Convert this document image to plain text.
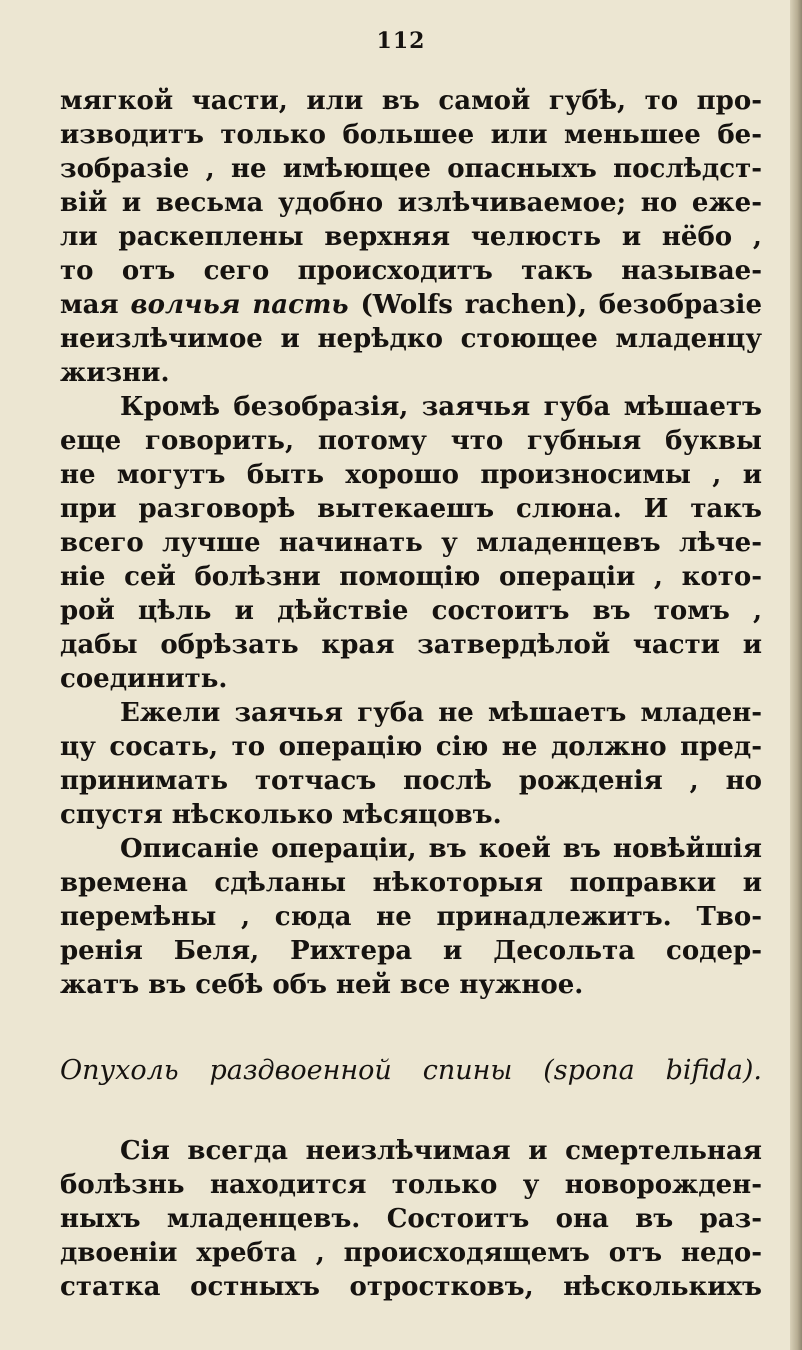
112

мягкой части, или въ самой губѣ, то про-
изводитъ только большее или меньшее бе-
зобразіе , не имѣющее опасныхъ послѣдст-
вій и весьма удобно излѣчиваемое; но еже-
ли раскеплены верхняя челюсть и нёбо ,
то отъ сего происходитъ такъ называе-
мая волчья пасть (Wolfs rachen), безобразіе
неизлѣчимое и нерѣдко стоющее младенцу
жизни.

Кромѣ безобразія, заячья губа мѣшаетъ
еще говорить, потому что губныя буквы
не могутъ быть хорошо произносимы , и
при разговорѣ вытекаешъ слюна. И такъ
всего лучше начинать у младенцевъ лѣче-
ніе сей болѣзни помощію операціи , кото-
рой цѣль и дѣйствіе состоитъ въ томъ ,
дабы обрѣзать края затвердѣлой части и
соединить.

Ежели заячья губа не мѣшаетъ младен-
цу сосать, то операцію сію не должно пред-
принимать тотчасъ послѣ рожденія , но
спустя нѣсколько мѣсяцовъ.

Описаніе операціи, въ коей въ новѣйшія
времена сдѣланы нѣкоторыя поправки и
перемѣны , сюда не принадлежитъ. Тво-
ренія Беля, Рихтера и Десольта содер-
жатъ въ себѣ объ ней все нужное.

Опухоль раздвоенной спины (spona bifida).

Сія всегда неизлѣчимая и смертельная
болѣзнь находится только у новорожден-
ныхъ младенцевъ. Состоитъ она въ раз-
двоеніи хребта , происходящемъ отъ недо-
статка остныхъ отростковъ, нѣсколькихъ
